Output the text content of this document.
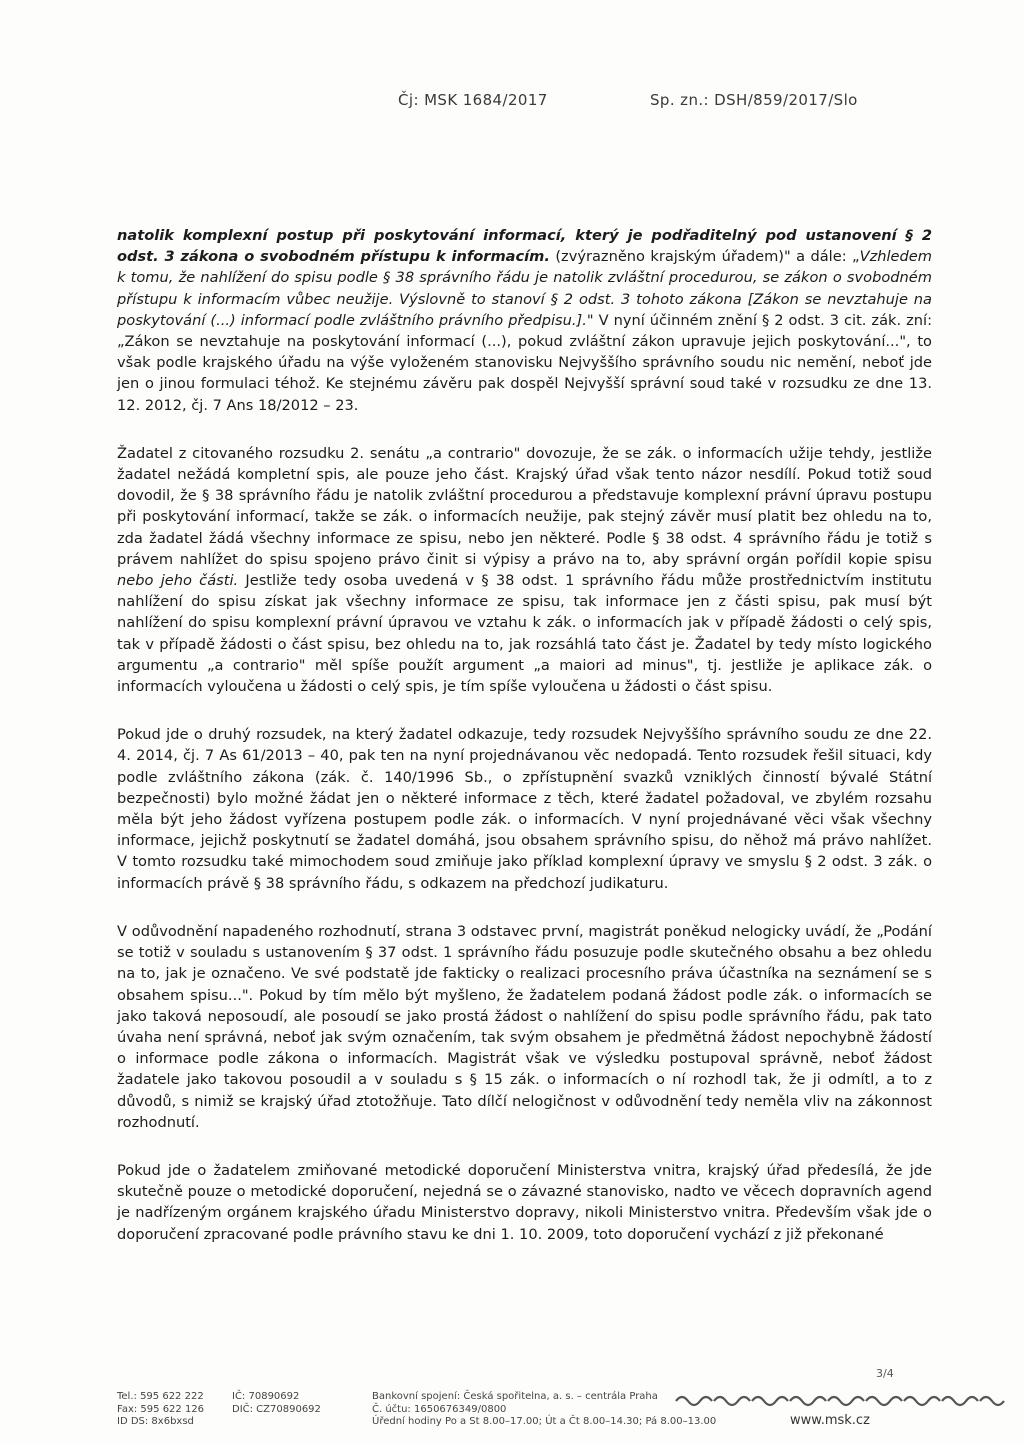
Čj: MSK 1684/2017	Sp. zn.: DSH/859/2017/Slo

natolik komplexní postup při poskytování informací, který je podřaditelný pod ustanovení § 2 odst. 3 zákona o svobodném přístupu k informacím. (zvýrazněno krajským úřadem)" a dále: „Vzhledem k tomu, že nahlížení do spisu podle § 38 správního řádu je natolik zvláštní procedurou, se zákon o svobodném přístupu k informacím vůbec neužije. Výslovně to stanoví § 2 odst. 3 tohoto zákona [Zákon se nevztahuje na poskytování (...) informací podle zvláštního právního předpisu.]." V nyní účinném znění § 2 odst. 3 cit. zák. zní: „Zákon se nevztahuje na poskytování informací (...), pokud zvláštní zákon upravuje jejich poskytování...", to však podle krajského úřadu na výše vyloženém stanovisku Nejvyššího správního soudu nic nemění, neboť jde jen o jinou formulaci téhož. Ke stejnému závěru pak dospěl Nejvyšší správní soud také v rozsudku ze dne 13. 12. 2012, čj. 7 Ans 18/2012 – 23.

Žadatel z citovaného rozsudku 2. senátu „a contrario" dovozuje, že se zák. o informacích užije tehdy, jestliže žadatel nežádá kompletní spis, ale pouze jeho část. Krajský úřad však tento názor nesdílí. Pokud totiž soud dovodil, že § 38 správního řádu je natolik zvláštní procedurou a představuje komplexní právní úpravu postupu při poskytování informací, takže se zák. o informacích neužije, pak stejný závěr musí platit bez ohledu na to, zda žadatel žádá všechny informace ze spisu, nebo jen některé. Podle § 38 odst. 4 správního řádu je totiž s právem nahlížet do spisu spojeno právo činit si výpisy a právo na to, aby správní orgán pořídil kopie spisu nebo jeho části. Jestliže tedy osoba uvedená v § 38 odst. 1 správního řádu může prostřednictvím institutu nahlížení do spisu získat jak všechny informace ze spisu, tak informace jen z části spisu, pak musí být nahlížení do spisu komplexní právní úpravou ve vztahu k zák. o informacích jak v případě žádosti o celý spis, tak v případě žádosti o část spisu, bez ohledu na to, jak rozsáhlá tato část je. Žadatel by tedy místo logického argumentu „a contrario" měl spíše použít argument „a maiori ad minus", tj. jestliže je aplikace zák. o informacích vyloučena u žádosti o celý spis, je tím spíše vyloučena u žádosti o část spisu.

Pokud jde o druhý rozsudek, na který žadatel odkazuje, tedy rozsudek Nejvyššího správního soudu ze dne 22. 4. 2014, čj. 7 As 61/2013 – 40, pak ten na nyní projednávanou věc nedopadá. Tento rozsudek řešil situaci, kdy podle zvláštního zákona (zák. č. 140/1996 Sb., o zpřístupnění svazků vzniklých činností bývalé Státní bezpečnosti) bylo možné žádat jen o některé informace z těch, které žadatel požadoval, ve zbylém rozsahu měla být jeho žádost vyřízena postupem podle zák. o informacích. V nyní projednávané věci však všechny informace, jejichž poskytnutí se žadatel domáhá, jsou obsahem správního spisu, do něhož má právo nahlížet. V tomto rozsudku také mimochodem soud zmiňuje jako příklad komplexní úpravy ve smyslu § 2 odst. 3 zák. o informacích právě § 38 správního řádu, s odkazem na předchozí judikaturu.

V odůvodnění napadeného rozhodnutí, strana 3 odstavec první, magistrát poněkud nelogicky uvádí, že „Podání se totiž v souladu s ustanovením § 37 odst. 1 správního řádu posuzuje podle skutečného obsahu a bez ohledu na to, jak je označeno. Ve své podstatě jde fakticky o realizaci procesního práva účastníka na seznámení se s obsahem spisu...". Pokud by tím mělo být myšleno, že žadatelem podaná žádost podle zák. o informacích se jako taková neposoudí, ale posoudí se jako prostá žádost o nahlížení do spisu podle správního řádu, pak tato úvaha není správná, neboť jak svým označením, tak svým obsahem je předmětná žádost nepochybně žádostí o informace podle zákona o informacích. Magistrát však ve výsledku postupoval správně, neboť žádost žadatele jako takovou posoudil a v souladu s § 15 zák. o informacích o ní rozhodl tak, že ji odmítl, a to z důvodů, s nimiž se krajský úřad ztotožňuje. Tato dílčí nelogičnost v odůvodnění tedy neměla vliv na zákonnost rozhodnutí.

Pokud jde o žadatelem zmiňované metodické doporučení Ministerstva vnitra, krajský úřad předesílá, že jde skutečně pouze o metodické doporučení, nejedná se o závazné stanovisko, nadto ve věcech dopravních agend je nadřízeným orgánem krajského úřadu Ministerstvo dopravy, nikoli Ministerstvo vnitra. Především však jde o doporučení zpracované podle právního stavu ke dni 1. 10. 2009, toto doporučení vychází z již překonané

3/4
Tel.: 595 622 222
Fax: 595 622 126
ID DS: 8x6bxsd
IČ: 70890692
DIČ: CZ70890692
Bankovní spojení: Česká spořitelna, a. s. – centrála Praha
Č. účtu: 1650676349/0800
Úřední hodiny Po a St 8.00–17.00; Út a Čt 8.00–14.30; Pá 8.00–13.00	www.msk.cz
